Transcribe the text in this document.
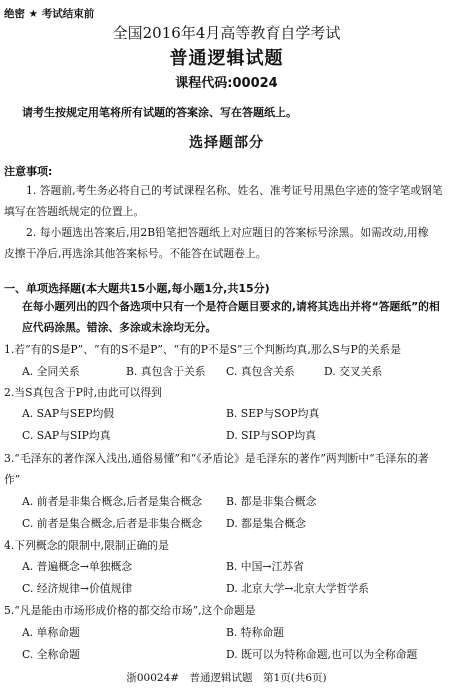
绝密 ★ 考试结束前
全国2016年4月高等教育自学考试
普通逻辑试题
课程代码:00024
请考生按规定用笔将所有试题的答案涂、写在答题纸上。
选择题部分
注意事项:
1. 答题前,考生务必将自己的考试课程名称、姓名、准考证号用黑色字迹的签字笔或钢笔
填写在答题纸规定的位置上。
2. 每小题选出答案后,用2B铅笔把答题纸上对应题目的答案标号涂黑。如需改动,用橡
皮擦干净后,再选涂其他答案标号。不能答在试题卷上。
一、单项选择题(本大题共15小题,每小题1分,共15分)
在每小题列出的四个备选项中只有一个是符合题目要求的,请将其选出并将“答题纸”的相
应代码涂黑。错涂、多涂或未涂均无分。
1.若“有的S是P”、“有的S不是P”、“有的P不是S”三个判断均真,那么S与P的关系是
A. 全同关系	B. 真包含于关系 C. 真包含关系	D. 交叉关系
2.当S真包含于P时,由此可以得到
A. SAP与SEP均假	B. SEP与SOP均真
C. SAP与SIP均真	D. SIP与SOP均真
3.“毛泽东的著作深入浅出,通俗易懂”和“《矛盾论》是毛泽东的著作”两判断中“毛泽东的著
作”
A. 前者是非集合概念,后者是集合概念 B. 都是非集合概念
C. 前者是集合概念,后者是非集合概念 D. 都是集合概念
4.下列概念的限制中,限制正确的是
A. 普遍概念→单独概念	B. 中国→江苏省
C. 经济规律→价值规律	D. 北京大学→北京大学哲学系
5.“凡是能由市场形成价格的都交给市场”,这个命题是
A. 单称命题	B. 特称命题
C. 全称命题	D. 既可以为特称命题,也可以为全称命题
浙00024#　普通逻辑试题　第1页(共6页)
